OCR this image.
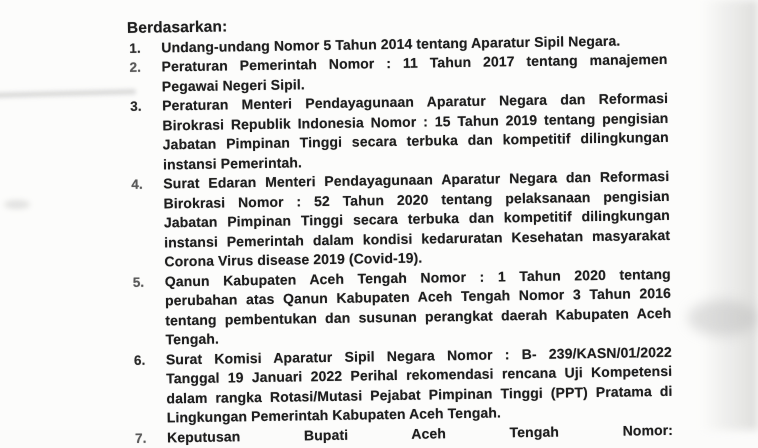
Berdasarkan:
1.	Undang-undang Nomor 5 Tahun 2014 tentang Aparatur Sipil Negara.
2.	Peraturan Pemerintah Nomor : 11 Tahun 2017 tentang manajemen
Pegawai Negeri Sipil.
3.	Peraturan Menteri Pendayagunaan Aparatur Negara dan Reformasi
Birokrasi Republik Indonesia Nomor : 15 Tahun 2019 tentang pengisian
Jabatan Pimpinan Tinggi secara terbuka dan kompetitif dilingkungan
instansi Pemerintah.
4.	Surat Edaran Menteri Pendayagunaan Aparatur Negara dan Reformasi
Birokrasi Nomor : 52 Tahun 2020 tentang pelaksanaan pengisian
Jabatan Pimpinan Tinggi secara terbuka dan kompetitif dilingkungan
instansi Pemerintah dalam kondisi kedaruratan Kesehatan masyarakat
Corona Virus disease 2019 (Covid-19).
5.	Qanun Kabupaten Aceh Tengah Nomor : 1 Tahun 2020 tentang
perubahan atas Qanun Kabupaten Aceh Tengah Nomor 3 Tahun 2016
tentang pembentukan dan susunan perangkat daerah Kabupaten Aceh
Tengah.
6.	Surat Komisi Aparatur Sipil Negara Nomor : B- 239/KASN/01/2022
Tanggal 19 Januari 2022 Perihal rekomendasi rencana Uji Kompetensi
dalam rangka Rotasi/Mutasi Pejabat Pimpinan Tinggi (PPT) Pratama di
Lingkungan Pemerintah Kabupaten Aceh Tengah.
7.	Keputusan Bupati Aceh Tengah Nomor:
